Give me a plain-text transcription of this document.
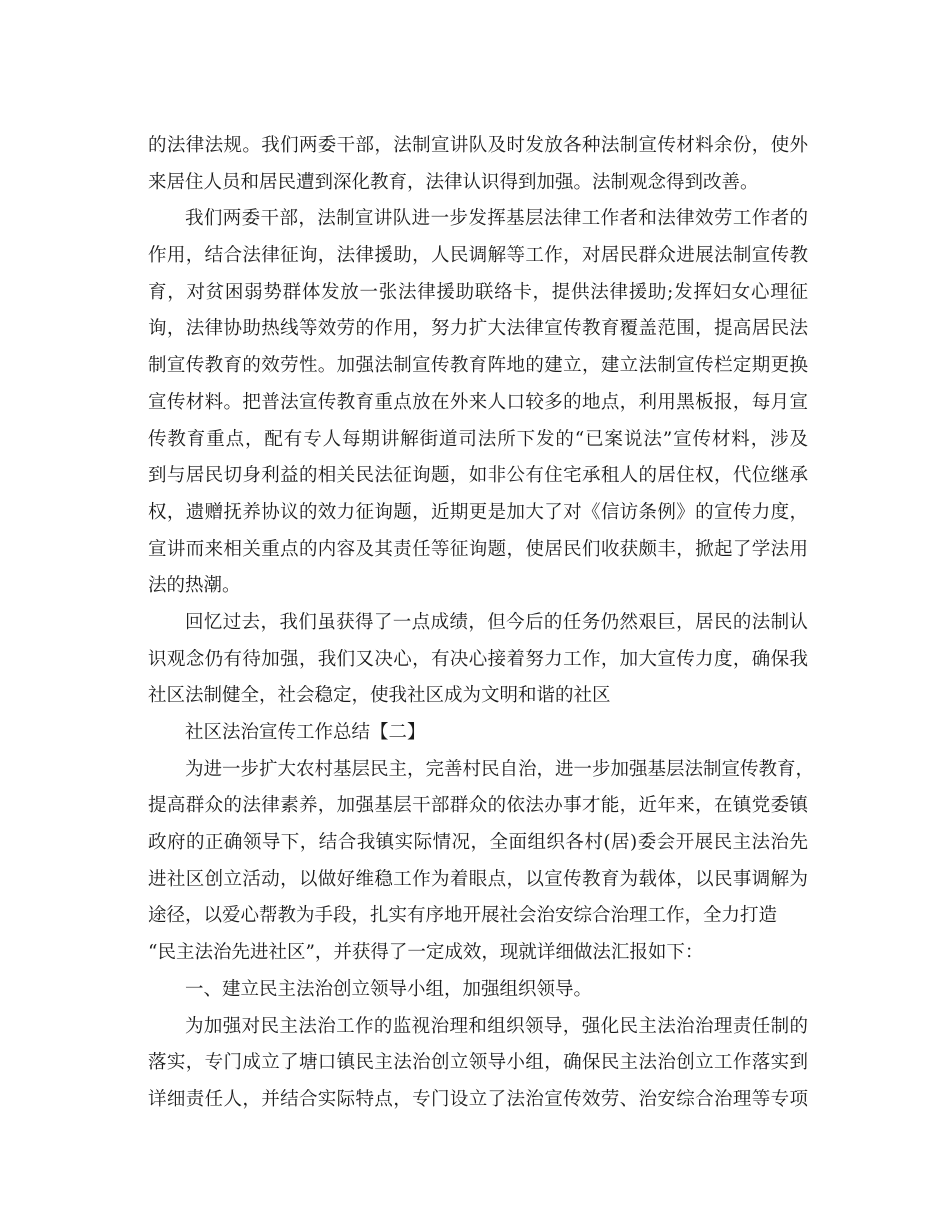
的法律法规。我们两委干部，法制宣讲队及时发放各种法制宣传材料余份，使外
来居住人员和居民遭到深化教育，法律认识得到加强。法制观念得到改善。
我们两委干部，法制宣讲队进一步发挥基层法律工作者和法律效劳工作者的
作用，结合法律征询，法律援助，人民调解等工作，对居民群众进展法制宣传教
育，对贫困弱势群体发放一张法律援助联络卡，提供法律援助;发挥妇女心理征
询，法律协助热线等效劳的作用，努力扩大法律宣传教育覆盖范围，提高居民法
制宣传教育的效劳性。加强法制宣传教育阵地的建立，建立法制宣传栏定期更换
宣传材料。把普法宣传教育重点放在外来人口较多的地点，利用黑板报，每月宣
传教育重点，配有专人每期讲解街道司法所下发的“已案说法”宣传材料，涉及
到与居民切身利益的相关民法征询题，如非公有住宅承租人的居住权，代位继承
权，遗赠抚养协议的效力征询题，近期更是加大了对《信访条例》的宣传力度，
宣讲而来相关重点的内容及其责任等征询题，使居民们收获颇丰，掀起了学法用
法的热潮。
回忆过去，我们虽获得了一点成绩，但今后的任务仍然艰巨，居民的法制认
识观念仍有待加强，我们又决心，有决心接着努力工作，加大宣传力度，确保我
社区法制健全，社会稳定，使我社区成为文明和谐的社区
社区法治宣传工作总结【二】
为进一步扩大农村基层民主，完善村民自治，进一步加强基层法制宣传教育，
提高群众的法律素养，加强基层干部群众的依法办事才能，近年来，在镇党委镇
政府的正确领导下，结合我镇实际情况，全面组织各村(居)委会开展民主法治先
进社区创立活动，以做好维稳工作为着眼点，以宣传教育为载体，以民事调解为
途径，以爱心帮教为手段，扎实有序地开展社会治安综合治理工作，全力打造
“民主法治先进社区”，并获得了一定成效，现就详细做法汇报如下：
一、建立民主法治创立领导小组，加强组织领导。
为加强对民主法治工作的监视治理和组织领导，强化民主法治治理责任制的
落实，专门成立了塘口镇民主法治创立领导小组，确保民主法治创立工作落实到
详细责任人，并结合实际特点，专门设立了法治宣传效劳、治安综合治理等专项
